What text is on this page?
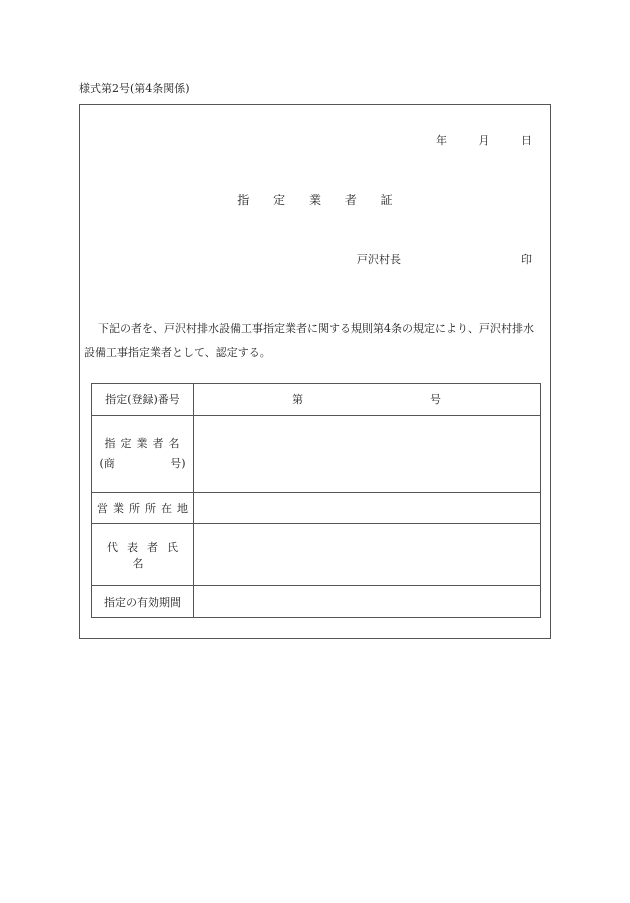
様式第2号(第4条関係)
年	月	日
指 定 業 者 証
戸沢村長	印
下記の者を、戸沢村排水設備工事指定業者に関する規則第4条の規定により、戸沢村排水設備工事指定業者として、認定する。
指定(登録)番号	第 号

指定業者名

(商 号)	

営業所所在地	
代表者氏名	
指定の有効期間	
